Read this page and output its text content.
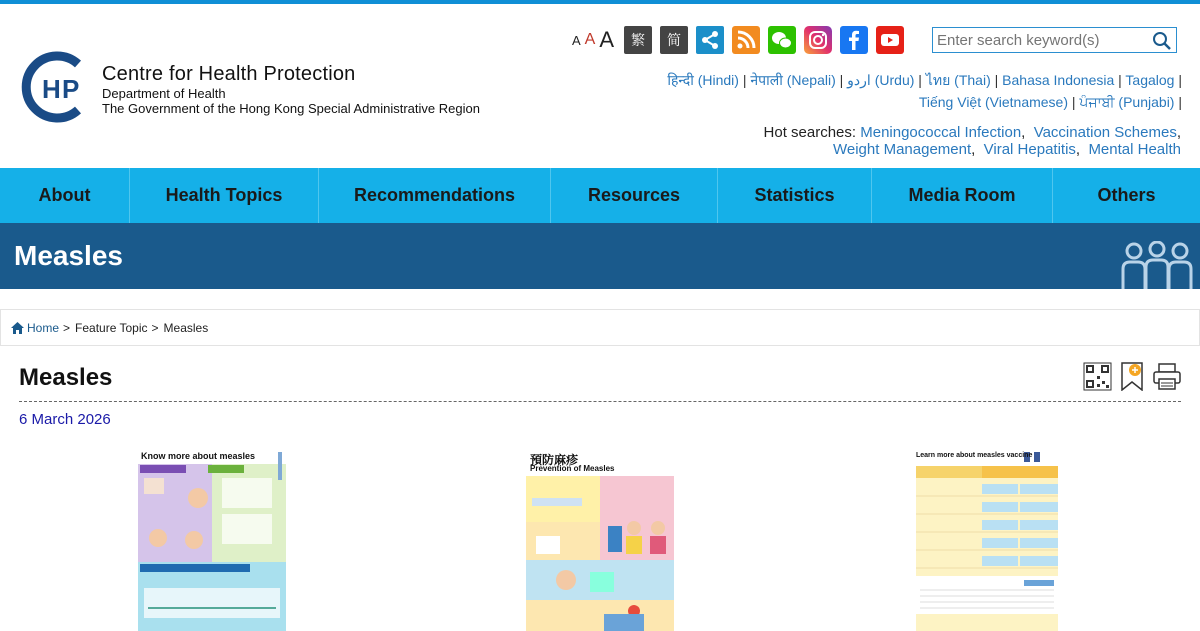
H P Centre for Health Protection
Department of Health
The Government of the Hong Kong Special Administrative Region
A A A	繁	简
Enter search keyword(s)
हिन्दी (Hindi) | नेपाली (Nepali) | اردو (Urdu) | ไทย (Thai) | Bahasa Indonesia | Tagalog |
Tiếng Việt (Vietnamese) | ਪੰਜਾਬੀ (Punjabi) |
Hot searches: Meningococcal Infection,  Vaccination Schemes,
Weight Management,  Viral Hepatitis,  Mental Health
About	Health Topics	Recommendations	Resources	Statistics	Media Room	Others
Measles
Home > Feature Topic > Measles
Measles
6 March 2026
Know more about measles	預防麻疹
Prevention of Measles
Learn more about measles vaccine
